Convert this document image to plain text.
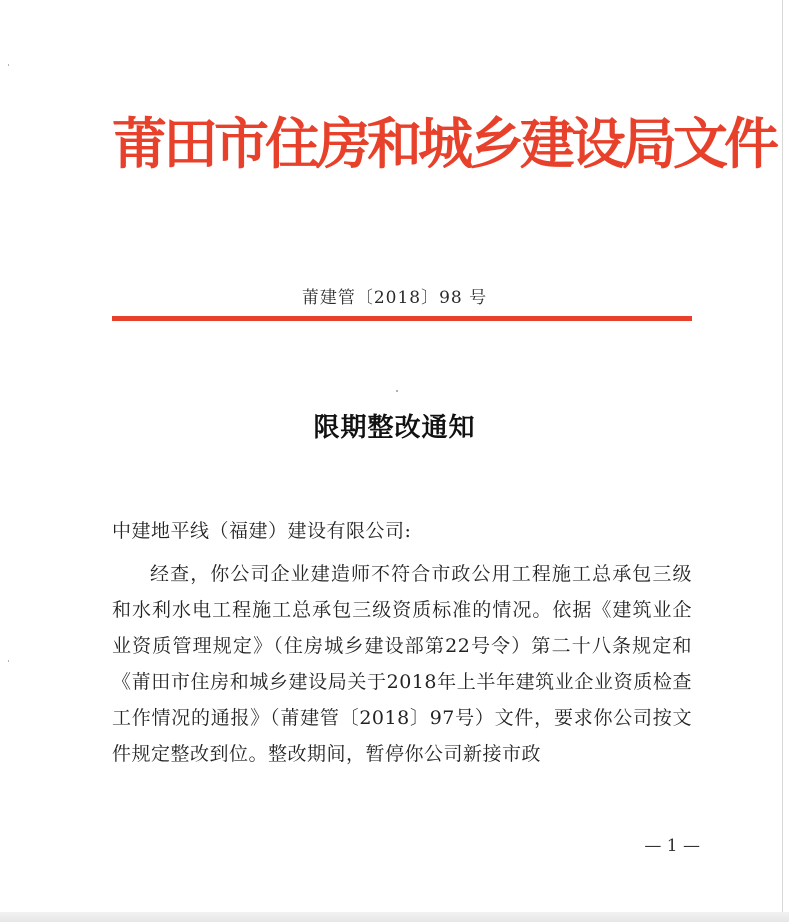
莆田市住房和城乡建设局文件
莆建管〔2018〕98 号
限期整改通知
中建地平线（福建）建设有限公司:
经查，你公司企业建造师不符合市政公用工程施工总承包三级和水利水电工程施工总承包三级资质标准的情况。依据《建筑业企业资质管理规定》（住房城乡建设部第22号令）第二十八条规定和《莆田市住房和城乡建设局关于2018年上半年建筑业企业资质检查工作情况的通报》（莆建管〔2018〕97号）文件，要求你公司按文件规定整改到位。整改期间，暂停你公司新接市政
— 1 —
